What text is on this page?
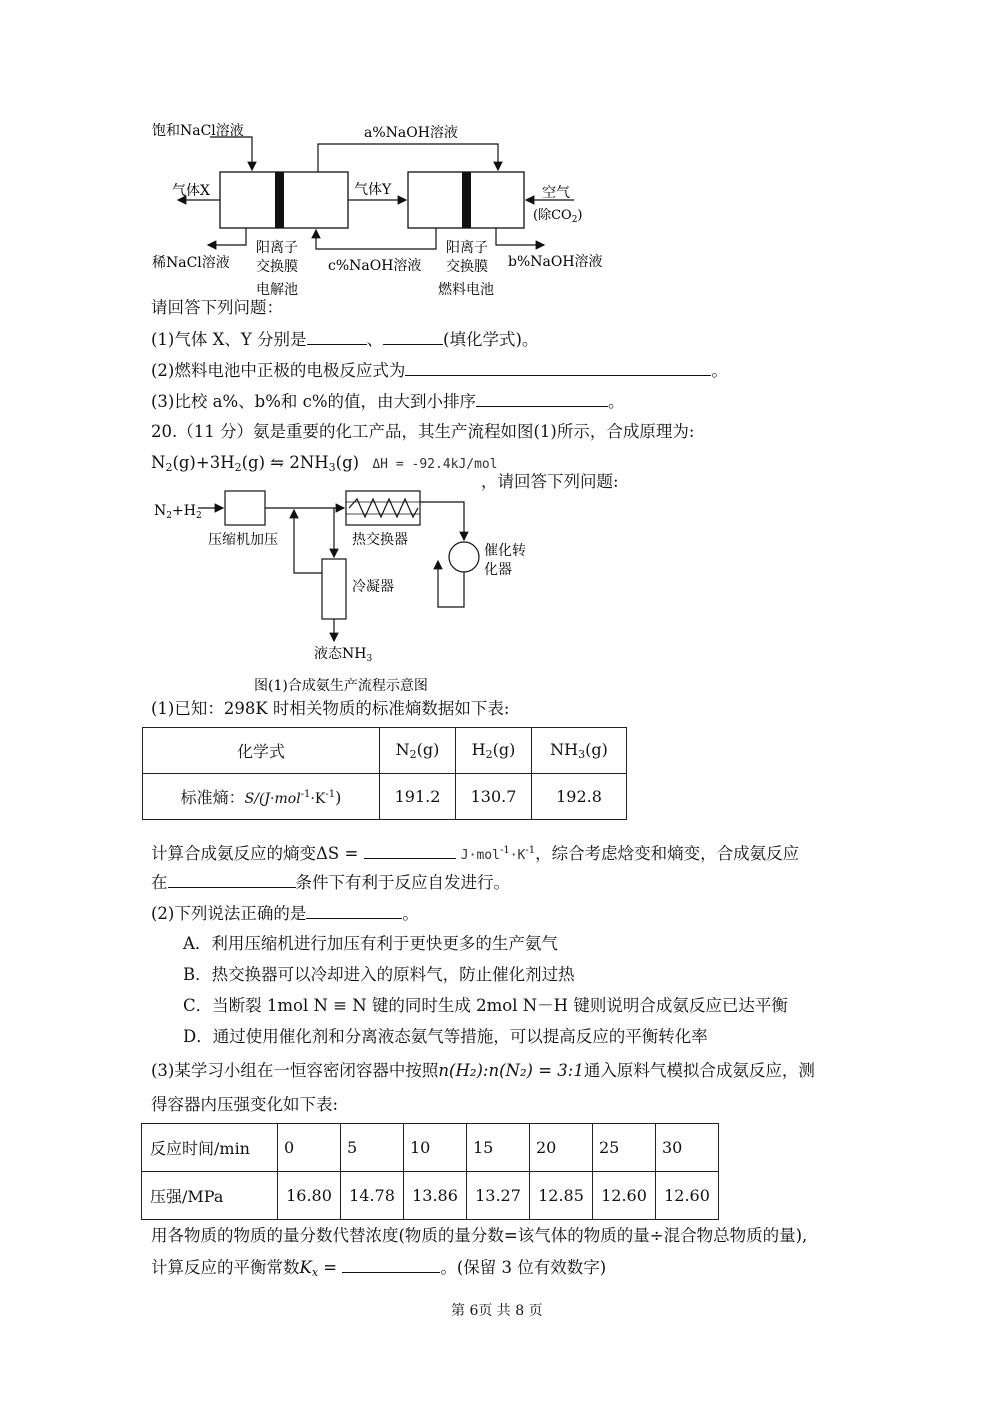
饱和NaCl溶液	a%NaOH溶液
气体X	气体Y	空气
(除$CO_2$)
稀NaCl溶液
阳离子
交换膜
电解池
c%NaOH溶液
阳离子
交换膜
燃料电池
b%NaOH溶液
请回答下列问题：
(1)气体 X、Y 分别是	、	(填化学式)。
(2)燃料电池中正极的电极反应式为	。
(3)比校 a%、b%和 c%的值，由大到小排序	。
20.（11 分）氨是重要的化工产品，其生产流程如图(1)所示，合成原理为:
$N_2(g)+3H_2(g)$ ⇋ $2NH_3(g) \Delta H = -92.4kJ/mol$
，请回答下列问题:
$N_2+H_2$
压缩机加压	热交换器
催化转
化器
冷凝器
液态$NH_3$
图(1)合成氨生产流程示意图
(1)已知：298K 时相关物质的标准熵数据如下表:
化学式	$N_2(g)$	$H_2(g)$	$NH_3(g)$
标准熵：$S/(J\cdot mol^{-1}\cdot K^{-1})$	191.2	130.7	192.8
计算合成氨反应的熵变ΔS =	$J\cdot mol^{-1}\cdot K^{-1}$，综合考虑焓变和熵变，合成氨反应
在	条件下有利于反应自发进行。
(2)下列说法正确的是	。
A．利用压缩机进行加压有利于更快更多的生产氨气
B．热交换器可以冷却进入的原料气，防止催化剂过热
C．当断裂 1mol N ≡ N 键的同时生成 2mol N－H 键则说明合成氨反应已达平衡
D．通过使用催化剂和分离液态氨气等措施，可以提高反应的平衡转化率
(3)某学习小组在一恒容密闭容器中按照n(H₂):n(N₂) = 3:1通入原料气模拟合成氨反应，测
得容器内压强变化如下表:
反应时间/min	0	5	10	15	20	25	30
压强/MPa	16.80	14.78	13.86	13.27	12.85	12.60	12.60
用各物质的物质的量分数代替浓度(物质的量分数=该气体的物质的量÷混合物总物质的量),
计算反应的平衡常数$K_x$ =	。(保留 3 位有效数字)
第 6页 共 8 页
